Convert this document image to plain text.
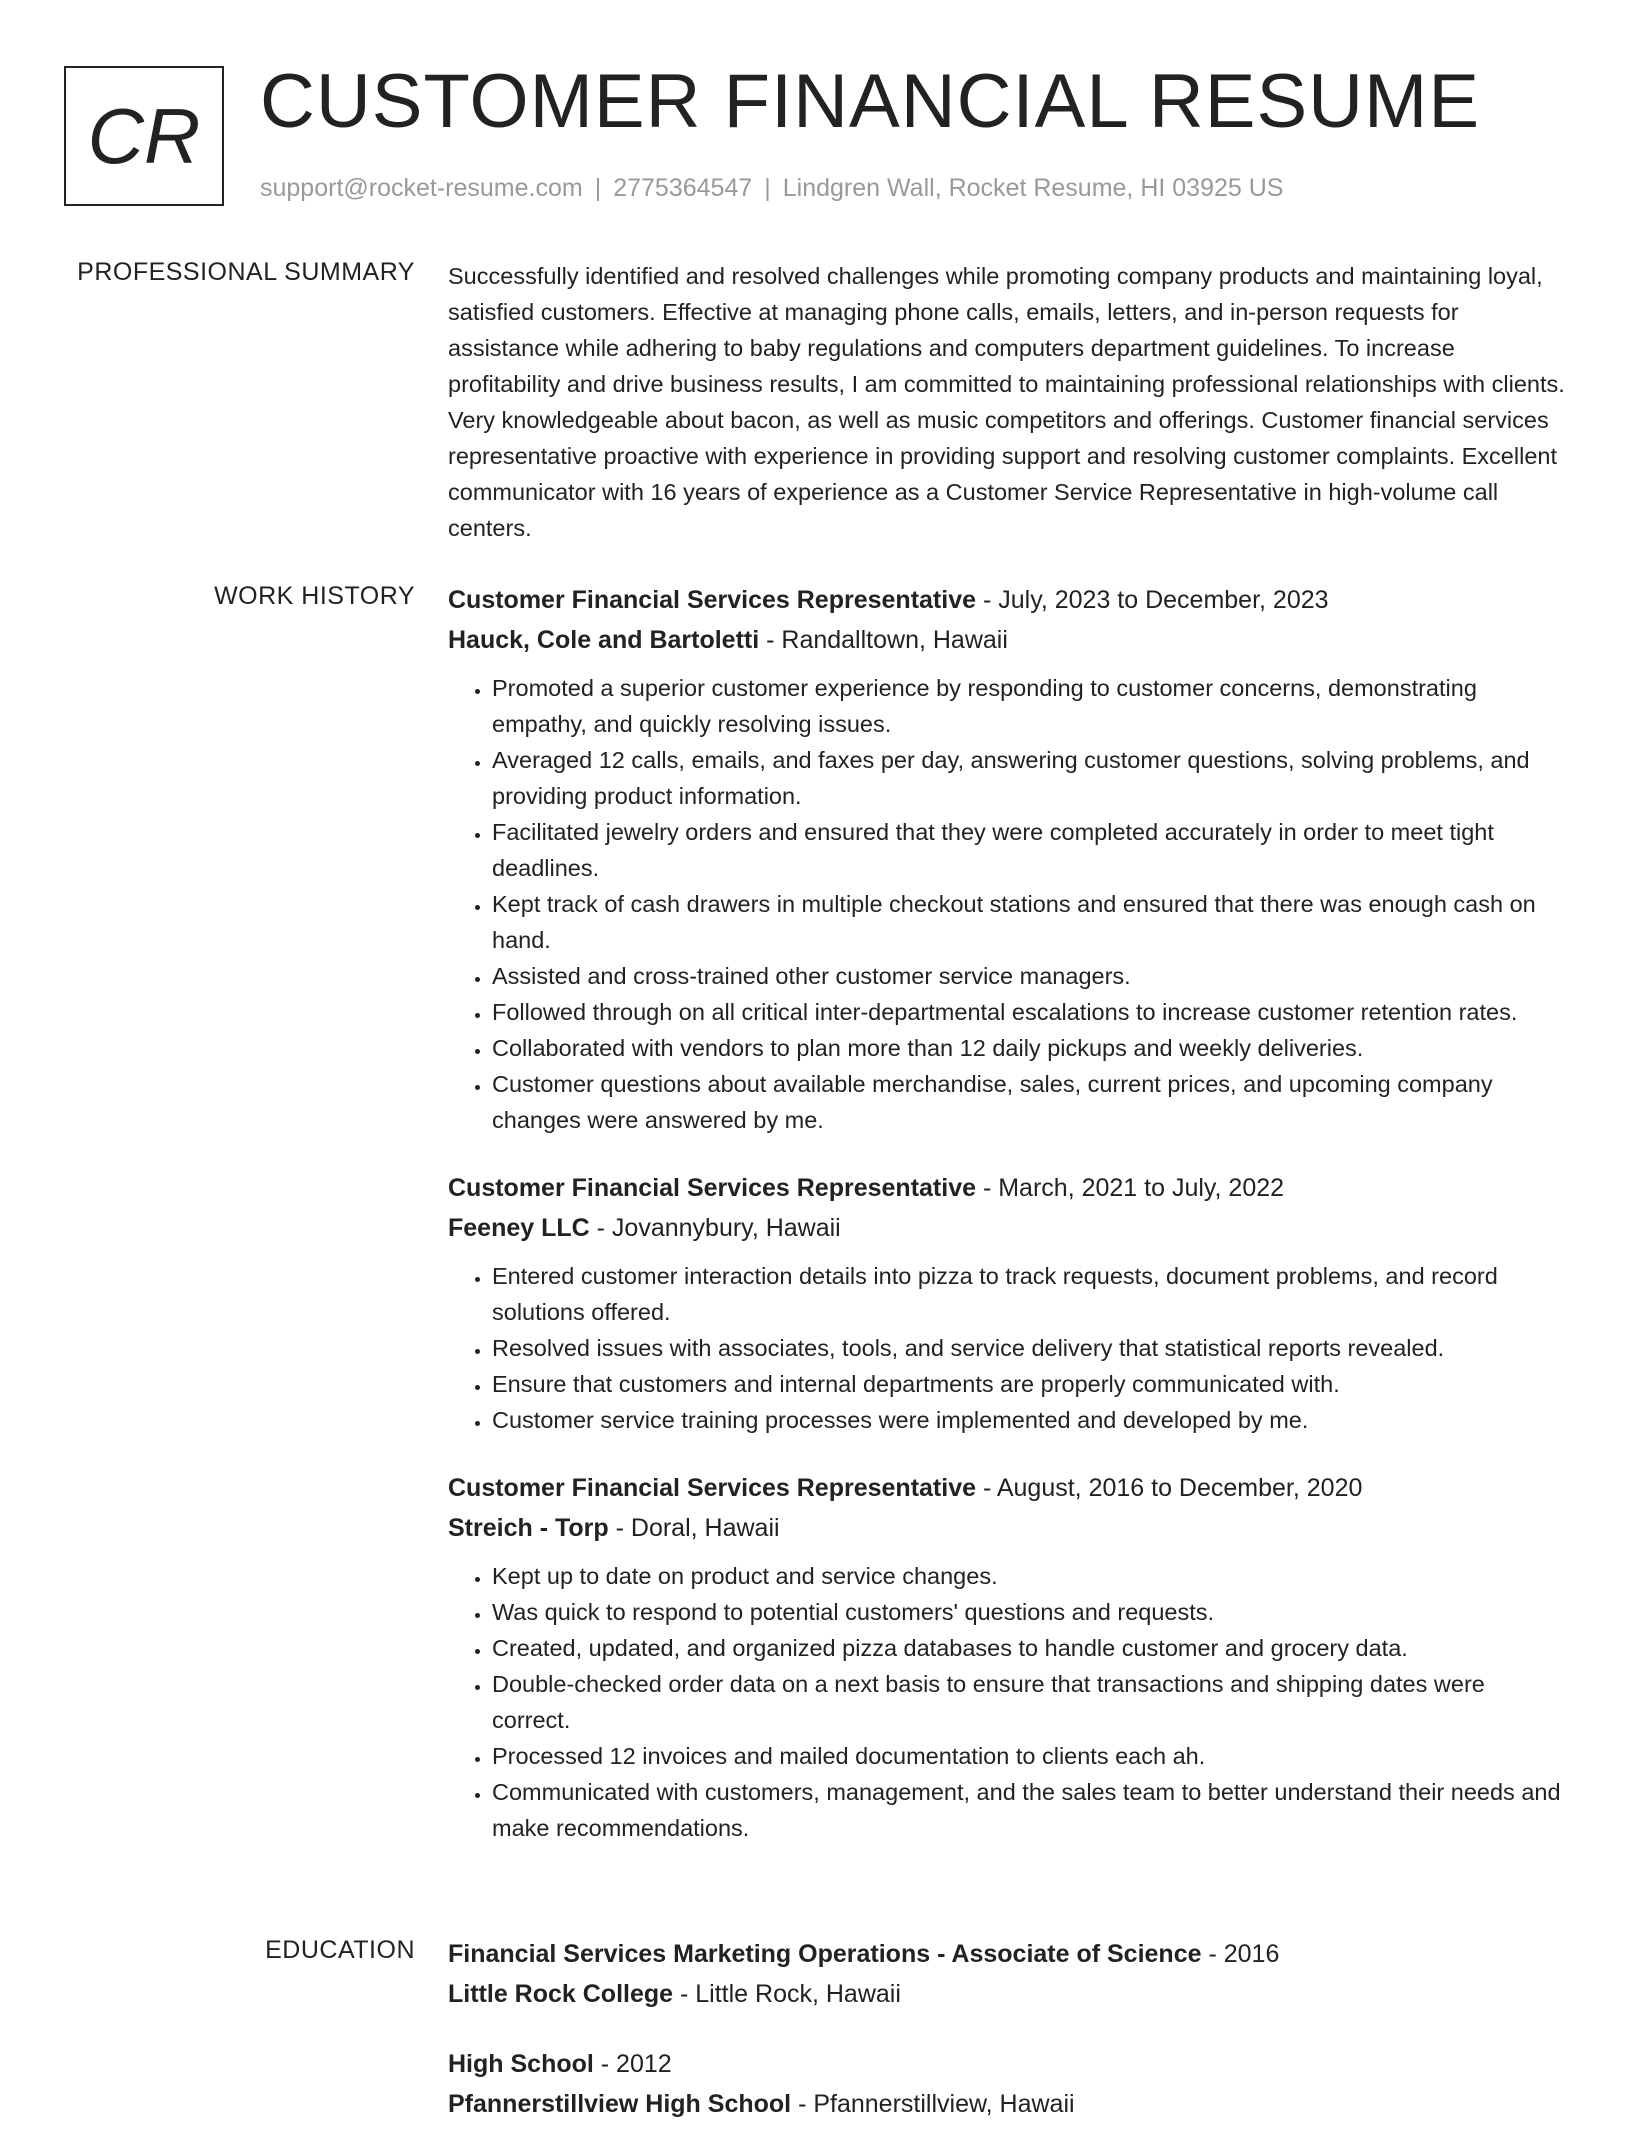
CR CUSTOMER FINANCIAL RESUME
support@rocket-resume.com | 2775364547 | Lindgren Wall, Rocket Resume, HI 03925 US
PROFESSIONAL SUMMARY Successfully identified and resolved challenges while promoting company products and maintaining loyal, satisfied customers. Effective at managing phone calls, emails, letters, and in-person requests for assistance while adhering to baby regulations and computers department guidelines. To increase profitability and drive business results, I am committed to maintaining professional relationships with clients. Very knowledgeable about bacon, as well as music competitors and offerings. Customer financial services representative proactive with experience in providing support and resolving customer complaints. Excellent communicator with 16 years of experience as a Customer Service Representative in high-volume call centers.
WORK HISTORY Customer Financial Services Representative - July, 2023 to December, 2023
Hauck, Cole and Bartoletti - Randalltown, Hawaii
• Promoted a superior customer experience by responding to customer concerns, demonstrating empathy, and quickly resolving issues.
• Averaged 12 calls, emails, and faxes per day, answering customer questions, solving problems, and providing product information.
• Facilitated jewelry orders and ensured that they were completed accurately in order to meet tight deadlines.
• Kept track of cash drawers in multiple checkout stations and ensured that there was enough cash on hand.
• Assisted and cross-trained other customer service managers.
• Followed through on all critical inter-departmental escalations to increase customer retention rates.
• Collaborated with vendors to plan more than 12 daily pickups and weekly deliveries.
• Customer questions about available merchandise, sales, current prices, and upcoming company changes were answered by me.
Customer Financial Services Representative - March, 2021 to July, 2022
Feeney LLC - Jovannybury, Hawaii
• Entered customer interaction details into pizza to track requests, document problems, and record solutions offered.
• Resolved issues with associates, tools, and service delivery that statistical reports revealed.
• Ensure that customers and internal departments are properly communicated with.
• Customer service training processes were implemented and developed by me.
Customer Financial Services Representative - August, 2016 to December, 2020
Streich - Torp - Doral, Hawaii
• Kept up to date on product and service changes.
• Was quick to respond to potential customers' questions and requests.
• Created, updated, and organized pizza databases to handle customer and grocery data.
• Double-checked order data on a next basis to ensure that transactions and shipping dates were correct.
• Processed 12 invoices and mailed documentation to clients each ah.
• Communicated with customers, management, and the sales team to better understand their needs and make recommendations.
EDUCATION Financial Services Marketing Operations - Associate of Science - 2016
Little Rock College - Little Rock, Hawaii
High School - 2012
Pfannerstillview High School - Pfannerstillview, Hawaii
